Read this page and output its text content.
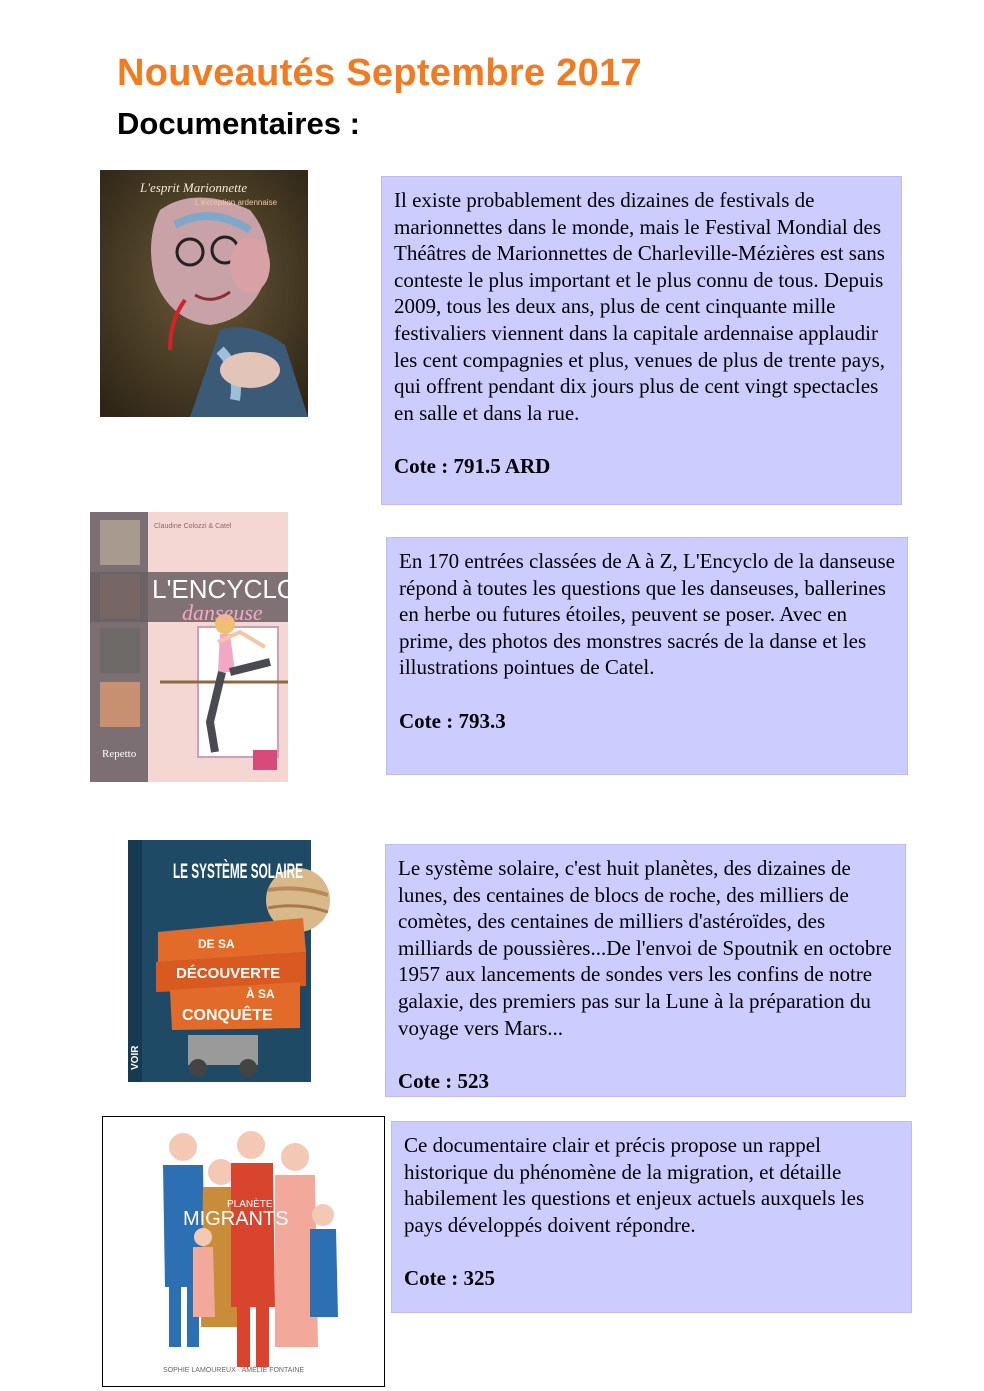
Nouveautés Septembre 2017
Documentaires :
L'esprit Marionnette
L'exception ardennaise	Il existe probablement des dizaines de festivals de marionnettes dans le monde, mais le Festival Mondial des Théâtres de Marionnettes de Charleville-Mézières est sans conteste le plus important et le plus connu de tous. Depuis 2009, tous les deux ans, plus de cent cinquante mille festivaliers viennent dans la capitale ardennaise applaudir les cent compagnies et plus, venues de plus de trente pays, qui offrent pendant dix jours plus de cent vingt spectacles en salle et dans la rue.

Cote : 791.5 ARD

Claudine Colozzi & Catel
L'ENCYCLO
danseuse
Repetto

En 170 entrées classées de A à Z, L'Encyclo de la danseuse répond à toutes les questions que les danseuses, ballerines en herbe ou futures étoiles, peuvent se poser. Avec en prime, des photos des monstres sacrés de la danse et les illustrations pointues de Catel.

Cote : 793.3

LE SYSTÈME SOLAIRE
DE SA
DÉCOUVERTE
À SA
CONQUÊTE
VOIR

Le système solaire, c'est huit planètes, des dizaines de lunes, des centaines de blocs de roche, des milliers de comètes, des centaines de milliers d'astéroïdes, des milliards de poussières...De l'envoi de Spoutnik en octobre 1957 aux lancements de sondes vers les confins de notre galaxie, des premiers pas sur la Lune à la préparation du voyage vers Mars...

Cote : 523

PLANÈTE
MIGRANTS
SOPHIE LAMOUREUX · AMÉLIE FONTAINE

Ce documentaire clair et précis propose un rappel historique du phénomène de la migration, et détaille habilement les questions et enjeux actuels auxquels les pays développés doivent répondre.

Cote : 325
